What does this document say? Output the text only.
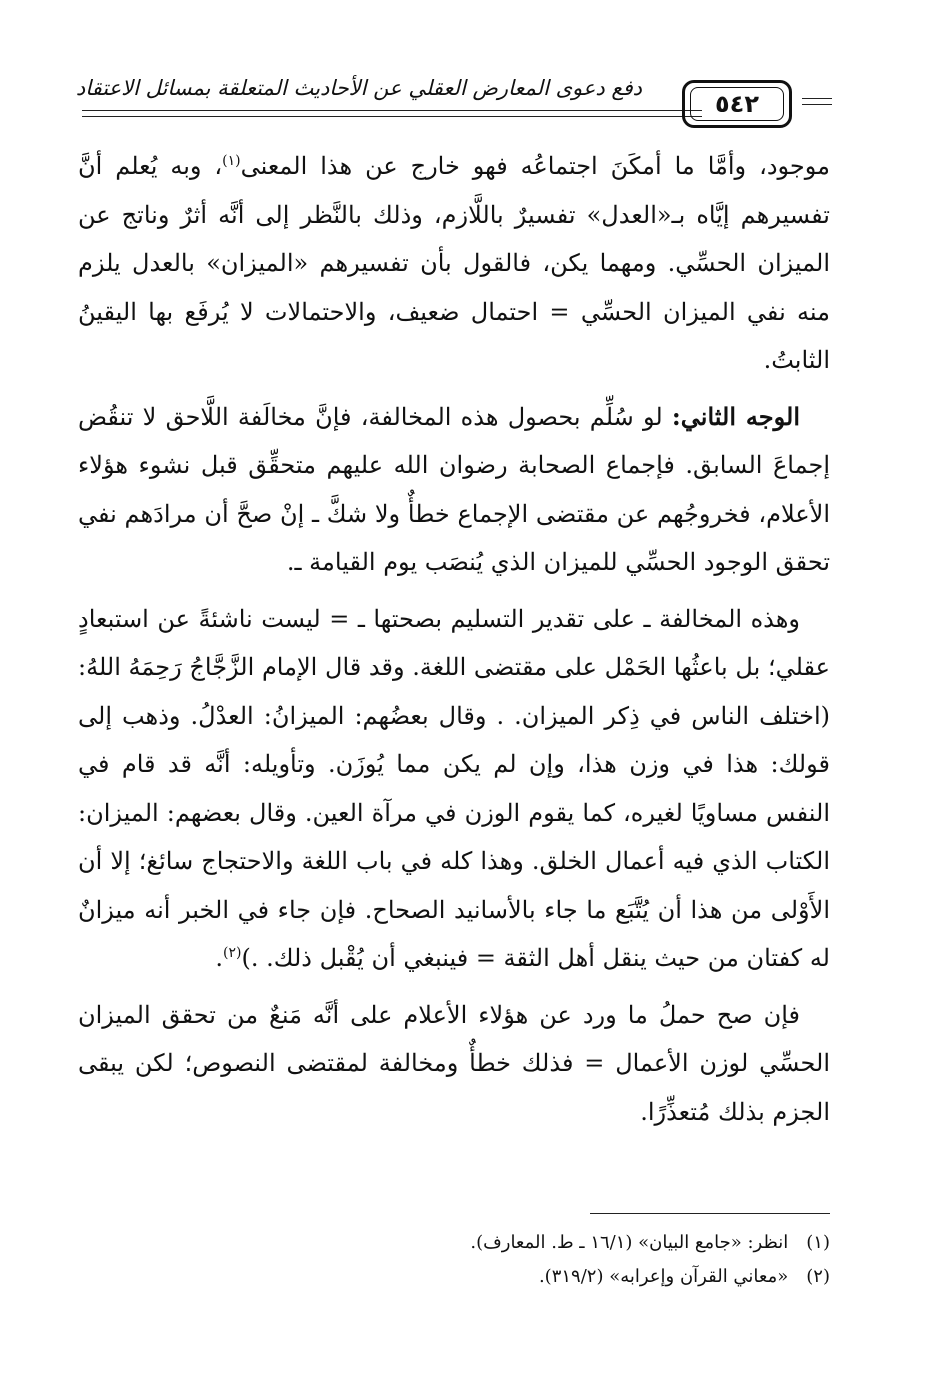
دفع دعوى المعارض العقلي عن الأحاديث المتعلقة بمسائل الاعتقاد
٥٤٢

موجود، وأمَّا ما أمكَنَ اجتماعُه فهو خارج عن هذا المعنى$^{(١)}$، وبه يُعلم أنَّ تفسيرهم إيَّاه بـ«العدل» تفسيرٌ باللَّازم، وذلك بالنَّظر إلى أنَّه أثرٌ وناتج عن الميزان الحسِّي. ومهما يكن، فالقول بأن تفسيرهم «الميزان» بالعدل يلزم منه نفي الميزان الحسِّي = احتمال ضعيف، والاحتمالات لا يُرفَع بها اليقينُ الثابتُ.

الوجه الثاني: لو سُلِّم بحصول هذه المخالفة، فإنَّ مخالَفة اللَّاحق لا تنقُض إجماعَ السابق. فإجماع الصحابة رضوان الله عليهم متحقِّق قبل نشوء هؤلاء الأعلام، فخروجُهم عن مقتضى الإجماع خطأٌ ولا شكَّ ـ إنْ صحَّ أن مرادَهم نفي تحقق الوجود الحسِّي للميزان الذي يُنصَب يوم القيامة ـ.

وهذه المخالفة ـ على تقدير التسليم بصحتها ـ = ليست ناشئةً عن استبعادٍ عقلي؛ بل باعثُها الحَمْل على مقتضى اللغة. وقد قال الإمام الزَّجَّاجُ رَحِمَهُ اللهُ: (اختلف الناس في ذِكر الميزان. . وقال بعضُهم: الميزانُ: العدْلُ. وذهب إلى قولك: هذا في وزن هذا، وإن لم يكن مما يُوزَن. وتأويله: أنَّه قد قام في النفس مساويًا لغيره، كما يقوم الوزن في مرآة العين. وقال بعضهم: الميزان: الكتاب الذي فيه أعمال الخلق. وهذا كله في باب اللغة والاحتجاج سائغ؛ إلا أن الأَوْلى من هذا أن يُتَّبَع ما جاء بالأسانيد الصحاح. فإن جاء في الخبر أنه ميزانٌ له كفتان من حيث ينقل أهل الثقة = فينبغي أن يُقْبل ذلك. .)$^{(٢)}$.

فإن صح حملُ ما ورد عن هؤلاء الأعلام على أنَّه مَنعٌ من تحقق الميزان الحسِّي لوزن الأعمال = فذلك خطأٌ ومخالفة لمقتضى النصوص؛ لكن يبقى الجزم بذلك مُتعذِّرًا.

(١)انظر: «جامع البيان» (١٦/١ ـ ط. المعارف).

(٢)«معاني القرآن وإعرابه» (٣١٩/٢).
